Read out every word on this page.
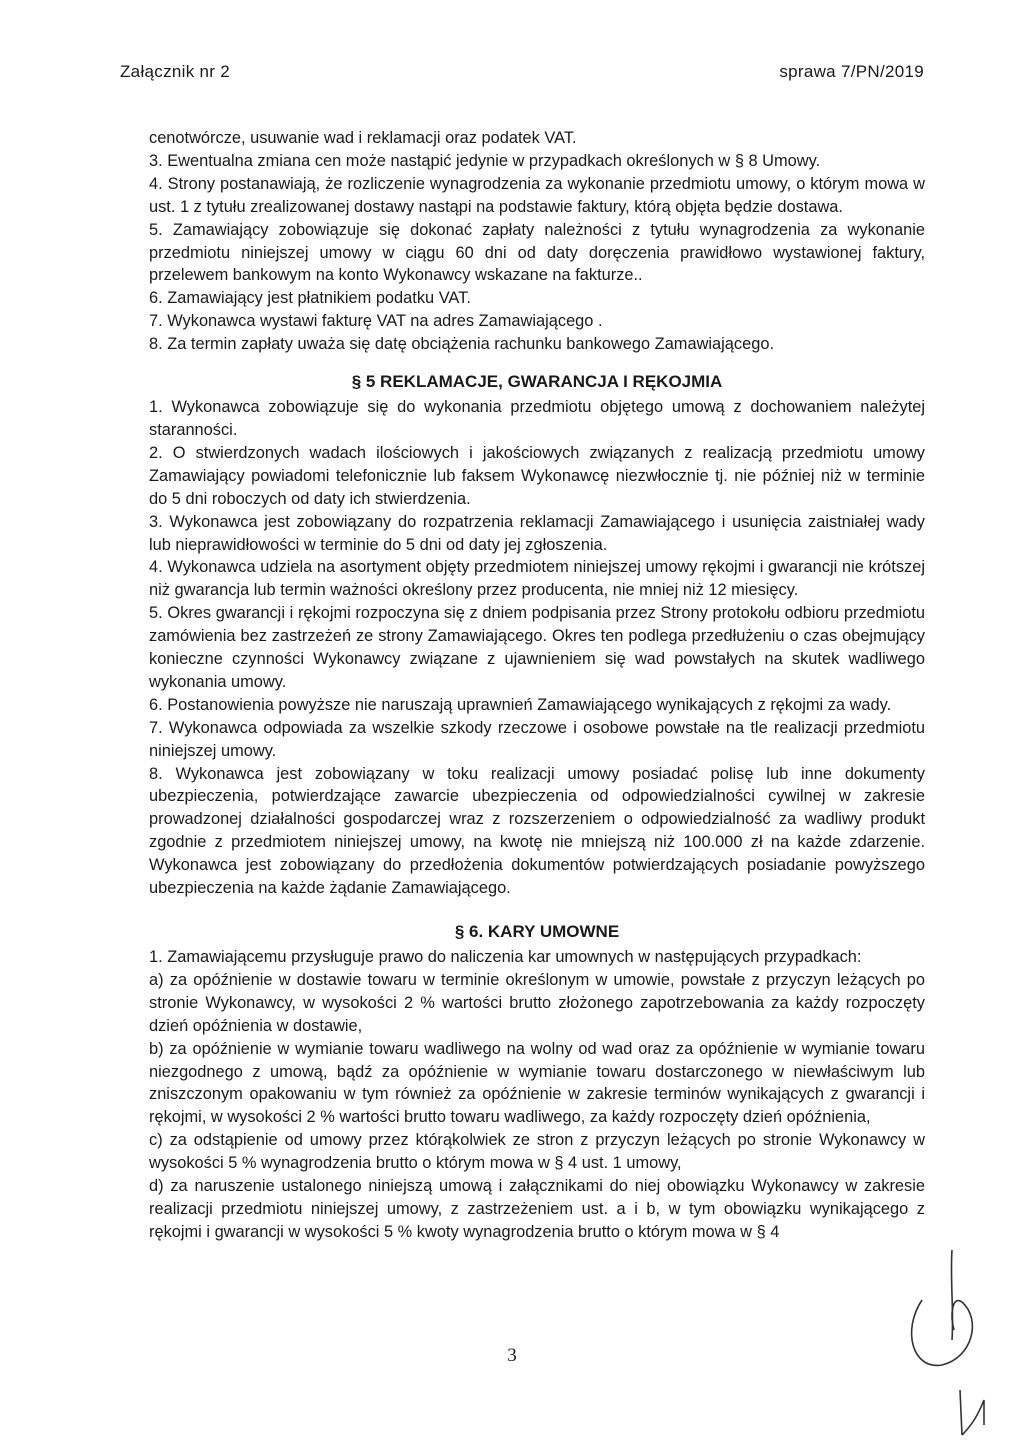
Załącznik nr 2	sprawa 7/PN/2019

cenotwórcze, usuwanie wad i reklamacji oraz podatek VAT.

3. Ewentualna zmiana cen może nastąpić jedynie w przypadkach określonych w § 8 Umowy.

4. Strony postanawiają, że rozliczenie wynagrodzenia za wykonanie przedmiotu umowy, o którym mowa w ust. 1 z tytułu zrealizowanej dostawy nastąpi na podstawie faktury, którą objęta będzie dostawa.

5. Zamawiający zobowiązuje się dokonać zapłaty należności z tytułu wynagrodzenia za wykonanie przedmiotu niniejszej umowy w ciągu 60 dni od daty doręczenia prawidłowo wystawionej faktury, przelewem bankowym na konto Wykonawcy wskazane na fakturze..

6. Zamawiający jest płatnikiem podatku VAT.

7. Wykonawca wystawi fakturę VAT na adres Zamawiającego .

8. Za termin zapłaty uważa się datę obciążenia rachunku bankowego Zamawiającego.

§ 5 REKLAMACJE, GWARANCJA I RĘKOJMIA

1. Wykonawca zobowiązuje się do wykonania przedmiotu objętego umową z dochowaniem należytej staranności.

2. O stwierdzonych wadach ilościowych i jakościowych związanych z realizacją przedmiotu umowy Zamawiający powiadomi telefonicznie lub faksem Wykonawcę niezwłocznie tj. nie później niż w terminie do 5 dni roboczych od daty ich stwierdzenia.

3. Wykonawca jest zobowiązany do rozpatrzenia reklamacji Zamawiającego i usunięcia zaistniałej wady lub nieprawidłowości w terminie do 5 dni od daty jej zgłoszenia.

4. Wykonawca udziela na asortyment objęty przedmiotem niniejszej umowy rękojmi i gwarancji nie krótszej niż gwarancja lub termin ważności określony przez producenta, nie mniej niż 12 miesięcy.

5. Okres gwarancji i rękojmi rozpoczyna się z dniem podpisania przez Strony protokołu odbioru przedmiotu zamówienia bez zastrzeżeń ze strony Zamawiającego. Okres ten podlega przedłużeniu o czas obejmujący konieczne czynności Wykonawcy związane z ujawnieniem się wad powstałych na skutek wadliwego wykonania umowy.

6. Postanowienia powyższe nie naruszają uprawnień Zamawiającego wynikających z rękojmi za wady.

7. Wykonawca odpowiada za wszelkie szkody rzeczowe i osobowe powstałe na tle realizacji przedmiotu niniejszej umowy.

8. Wykonawca jest zobowiązany w toku realizacji umowy posiadać polisę lub inne dokumenty ubezpieczenia, potwierdzające zawarcie ubezpieczenia od odpowiedzialności cywilnej w zakresie prowadzonej działalności gospodarczej wraz z rozszerzeniem o odpowiedzialność za wadliwy produkt zgodnie z przedmiotem niniejszej umowy, na kwotę nie mniejszą niż 100.000 zł na każde zdarzenie. Wykonawca jest zobowiązany do przedłożenia dokumentów potwierdzających posiadanie powyższego ubezpieczenia na każde żądanie Zamawiającego.

§ 6. KARY UMOWNE

1. Zamawiającemu przysługuje prawo do naliczenia kar umownych w następujących przypadkach:

a) za opóźnienie w dostawie towaru w terminie określonym w umowie, powstałe z przyczyn leżących po stronie Wykonawcy, w wysokości 2 % wartości brutto złożonego zapotrzebowania za każdy rozpoczęty dzień opóźnienia w dostawie,

b) za opóźnienie w wymianie towaru wadliwego na wolny od wad oraz za opóźnienie w wymianie towaru niezgodnego z umową, bądź za opóźnienie w wymianie towaru dostarczonego w niewłaściwym lub zniszczonym opakowaniu w tym również za opóźnienie w zakresie terminów wynikających z gwarancji i rękojmi, w wysokości 2 % wartości brutto towaru wadliwego, za każdy rozpoczęty dzień opóźnienia,

c) za odstąpienie od umowy przez którąkolwiek ze stron z przyczyn leżących po stronie Wykonawcy w wysokości 5 % wynagrodzenia brutto o którym mowa w § 4 ust. 1 umowy,

d) za naruszenie ustalonego niniejszą umową i załącznikami do niej obowiązku Wykonawcy w zakresie realizacji przedmiotu niniejszej umowy, z zastrzeżeniem ust. a i b, w tym obowiązku wynikającego z rękojmi i gwarancji w wysokości 5 % kwoty wynagrodzenia brutto o którym mowa w § 4

3
